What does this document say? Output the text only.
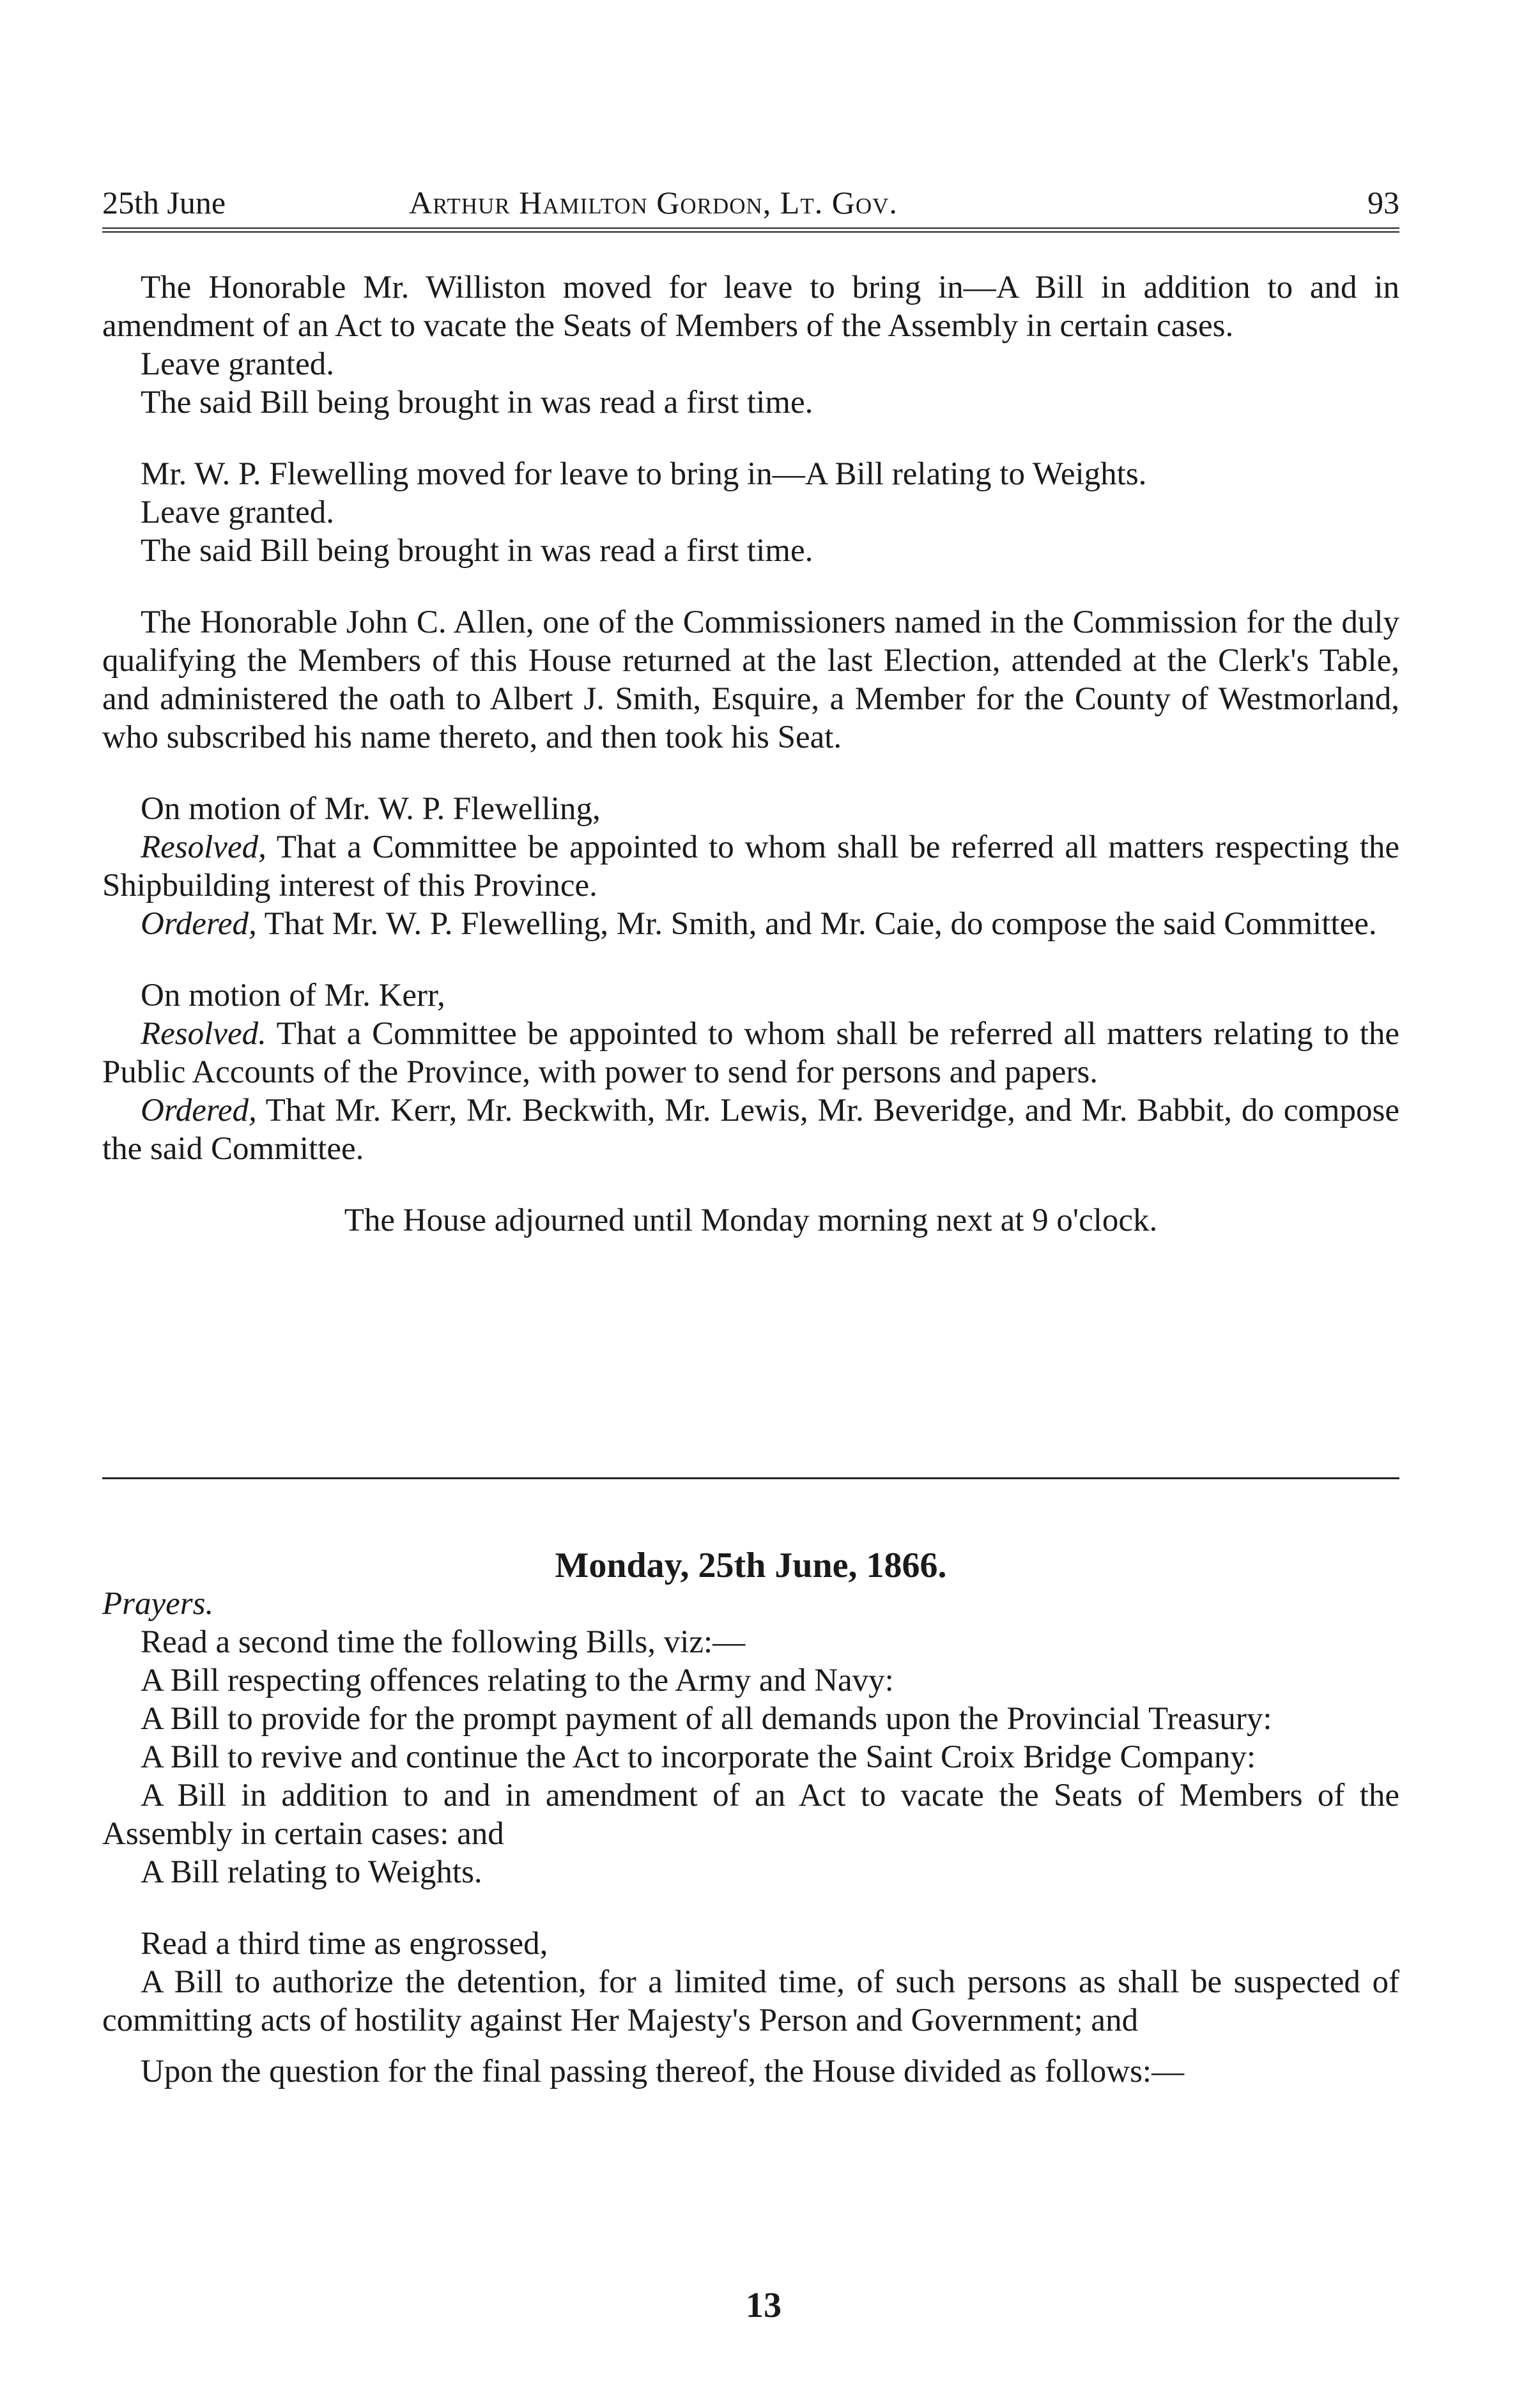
25th June	Arthur Hamilton Gordon, Lt. Gov.	93

The Honorable Mr. Williston moved for leave to bring in—A Bill in addition to and in amendment of an Act to vacate the Seats of Members of the Assembly in certain cases.

Leave granted.

The said Bill being brought in was read a first time.

Mr. W. P. Flewelling moved for leave to bring in—A Bill relating to Weights.

Leave granted.

The said Bill being brought in was read a first time.

The Honorable John C. Allen, one of the Commissioners named in the Commission for the duly qualifying the Members of this House returned at the last Election, attended at the Clerk's Table, and administered the oath to Albert J. Smith, Esquire, a Member for the County of Westmorland, who subscribed his name thereto, and then took his Seat.

On motion of Mr. W. P. Flewelling,

Resolved, That a Committee be appointed to whom shall be referred all matters respecting the Shipbuilding interest of this Province.

Ordered, That Mr. W. P. Flewelling, Mr. Smith, and Mr. Caie, do compose the said Committee.

On motion of Mr. Kerr,

Resolved. That a Committee be appointed to whom shall be referred all matters relating to the Public Accounts of the Province, with power to send for persons and papers.

Ordered, That Mr. Kerr, Mr. Beckwith, Mr. Lewis, Mr. Beveridge, and Mr. Babbit, do compose the said Committee.

The House adjourned until Monday morning next at 9 o'clock.

Monday, 25th June, 1866.

Prayers.

Read a second time the following Bills, viz:—

A Bill respecting offences relating to the Army and Navy:

A Bill to provide for the prompt payment of all demands upon the Provincial Treasury:

A Bill to revive and continue the Act to incorporate the Saint Croix Bridge Company:

A Bill in addition to and in amendment of an Act to vacate the Seats of Members of the Assembly in certain cases: and

A Bill relating to Weights.

Read a third time as engrossed,

A Bill to authorize the detention, for a limited time, of such persons as shall be suspected of committing acts of hostility against Her Majesty's Person and Government; and

Upon the question for the final passing thereof, the House divided as follows:—

13
